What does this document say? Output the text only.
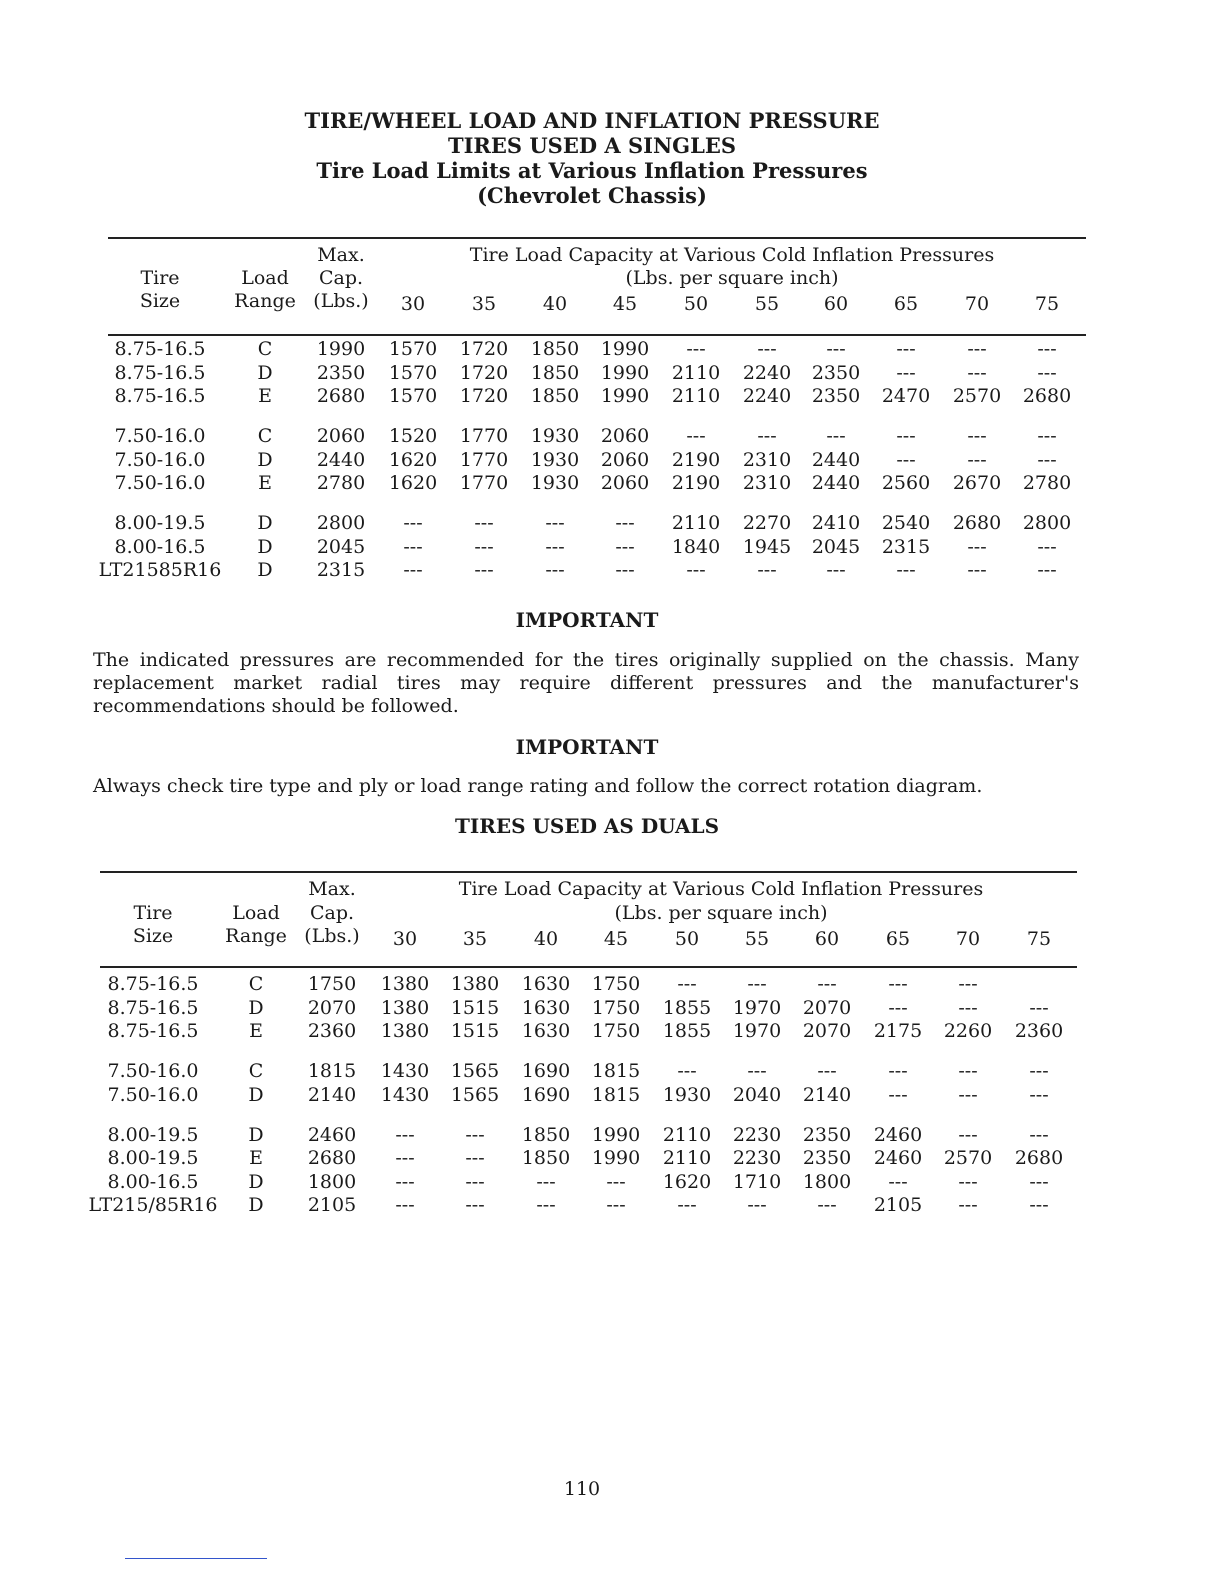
TIRE/WHEEL LOAD AND INFLATION PRESSURE
TIRES USED A SINGLES
Tire Load Limits at Various Inflation Pressures
(Chevrolet Chassis)
Tire
Size
Load
Range
Max.
Cap.
(Lbs.)
Tire Load Capacity at Various Cold Inflation Pressures
(Lbs. per square inch)
30	35	40	45	50	55	60	65	70	75
8.75-16.5	C	1990	1570	1720	1850	1990	---	---	---	---	---	---
8.75-16.5	D	2350	1570	1720	1850	1990	2110	2240	2350	---	---	---
8.75-16.5	E	2680	1570	1720	1850	1990	2110	2240	2350	2470	2570	2680
7.50-16.0	C	2060	1520	1770	1930	2060	---	---	---	---	---	---
7.50-16.0	D	2440	1620	1770	1930	2060	2190	2310	2440	---	---	---
7.50-16.0	E	2780	1620	1770	1930	2060	2190	2310	2440	2560	2670	2780
8.00-19.5	D	2800	---	---	---	---	2110	2270	2410	2540	2680	2800
8.00-16.5	D	2045	---	---	---	---	1840	1945	2045	2315	---	---
LT21585R16	D	2315	---	---	---	---	---	---	---	---	---	---
IMPORTANT
The indicated pressures are recommended for the tires originally supplied on the chassis. Many replacement market radial tires may require different pressures and the manufacturer's recommendations should be followed.
IMPORTANT
Always check tire type and ply or load range rating and follow the correct rotation diagram.
TIRES USED AS DUALS
Tire
Size
Load
Range
Max.
Cap.
(Lbs.)
Tire Load Capacity at Various Cold Inflation Pressures
(Lbs. per square inch)
30	35	40	45	50	55	60	65	70	75
8.75-16.5	C	1750	1380	1380	1630	1750	---	---	---	---	---
8.75-16.5	D	2070	1380	1515	1630	1750	1855	1970	2070	---	---	---
8.75-16.5	E	2360	1380	1515	1630	1750	1855	1970	2070	2175	2260	2360
7.50-16.0	C	1815	1430	1565	1690	1815	---	---	---	---	---	---
7.50-16.0	D	2140	1430	1565	1690	1815	1930	2040	2140	---	---	---
8.00-19.5	D	2460	---	---	1850	1990	2110	2230	2350	2460	---	---
8.00-19.5	E	2680	---	---	1850	1990	2110	2230	2350	2460	2570	2680
8.00-16.5	D	1800	---	---	---	---	1620	1710	1800	---	---	---
LT215/85R16	D	2105	---	---	---	---	---	---	---	2105	---	---
110
